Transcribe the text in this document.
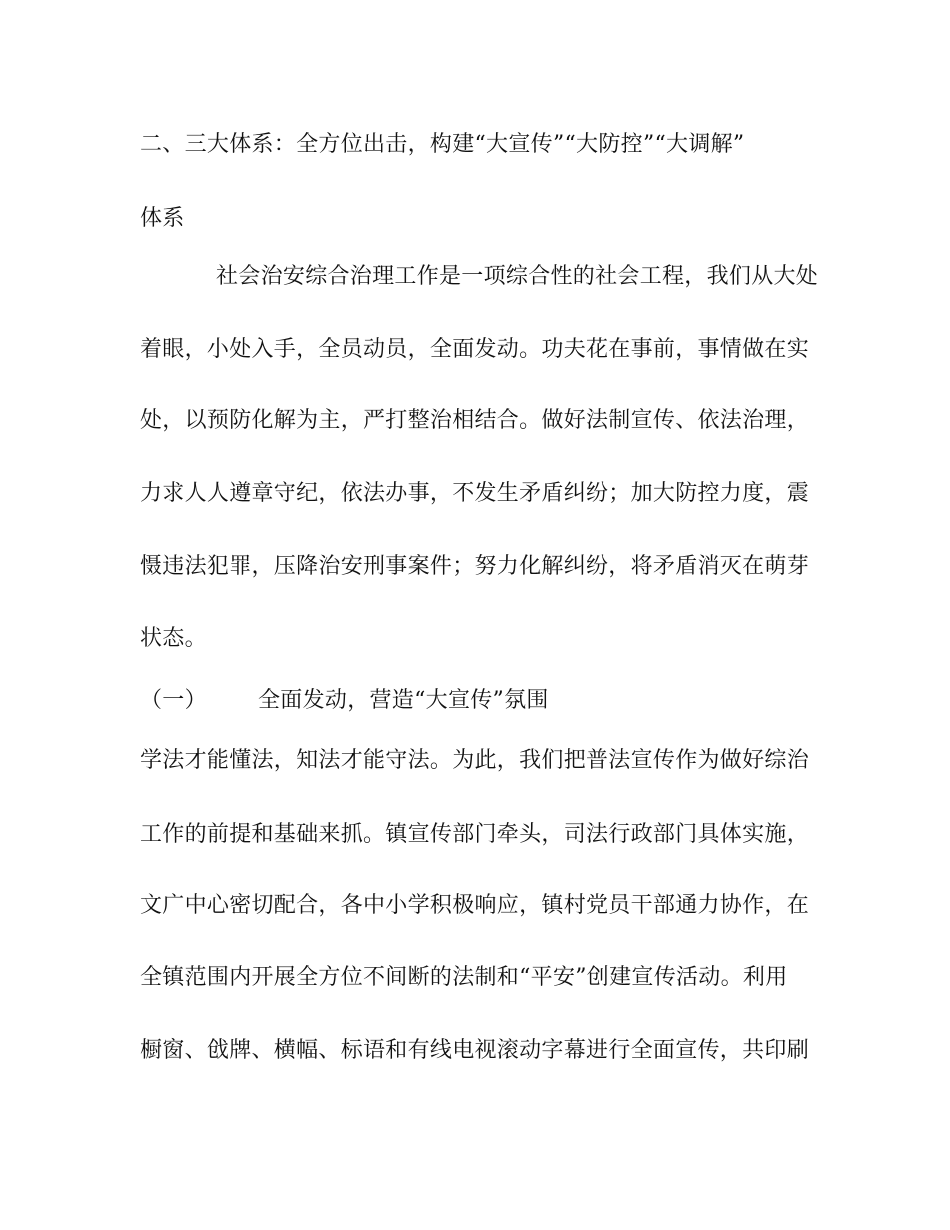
二、三大体系：全方位出击，构建“大宣传”“大防控”“大调解”
体系
社会治安综合治理工作是一项综合性的社会工程，我们从大处
着眼，小处入手，全员动员，全面发动。功夫花在事前，事情做在实
处，以预防化解为主，严打整治相结合。做好法制宣传、依法治理，
力求人人遵章守纪，依法办事，不发生矛盾纠纷；加大防控力度，震
慑违法犯罪，压降治安刑事案件；努力化解纠纷，将矛盾消灭在萌芽
状态。
（一） 全面发动，营造“大宣传”氛围
学法才能懂法，知法才能守法。为此，我们把普法宣传作为做好综治
工作的前提和基础来抓。镇宣传部门牵头，司法行政部门具体实施，
文广中心密切配合，各中小学积极响应，镇村党员干部通力协作，在
全镇范围内开展全方位不间断的法制和“平安”创建宣传活动。利用
橱窗、戗牌、横幅、标语和有线电视滚动字幕进行全面宣传，共印刷
